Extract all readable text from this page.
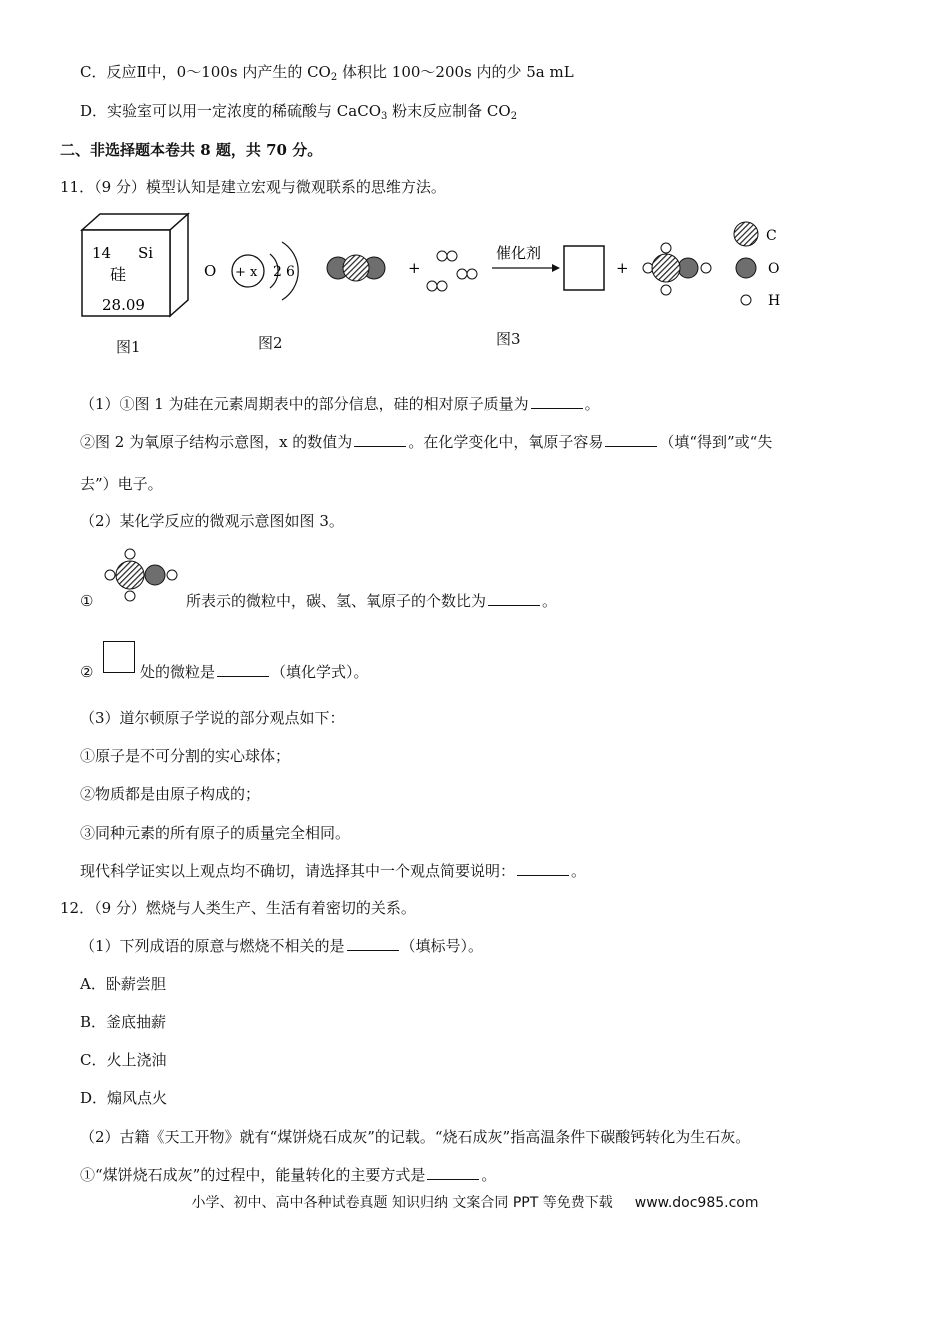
C．反应Ⅱ中，0～100s 内产生的 $CO_2$ 体积比 100～200s 内的少 5a mL
D．实验室可以用一定浓度的稀硫酸与 CaCO$_3$ 粉末反应制备 $CO_2$
二、非选择题本卷共 8 题，共 70 分。
11．（9 分）模型认知是建立宏观与微观联系的思维方法。
14 Si
硅
28.09
图1
O + x 2 6
图2
+
催化剂
+
C
O
H
图3
（1）①图 1 为硅在元素周期表中的部分信息，硅的相对原子质量为	。
②图 2 为氧原子结构示意图，x 的数值为	。在化学变化中，氧原子容易	（填“得到”或“失
去”）电子。
（2）某化学反应的微观示意图如图 3。
①	所表示的微粒中，碳、氢、氧原子的个数比为	。
②	处的微粒是	（填化学式）。
（3）道尔顿原子学说的部分观点如下：
①原子是不可分割的实心球体；
②物质都是由原子构成的；
③同种元素的所有原子的质量完全相同。
现代科学证实以上观点均不确切，请选择其中一个观点简要说明：	。
12．（9 分）燃烧与人类生产、生活有着密切的关系。
（1）下列成语的原意与燃烧不相关的是	（填标号）。
A．卧薪尝胆
B．釜底抽薪
C．火上浇油
D．煽风点火
（2）古籍《天工开物》就有“煤饼烧石成灰”的记载。“烧石成灰”指高温条件下碳酸钙转化为生石灰。
①“煤饼烧石成灰”的过程中，能量转化的主要方式是	。
小学、初中、高中各种试卷真题 知识归纳 文案合同 PPT 等免费下载 www.doc985.com
